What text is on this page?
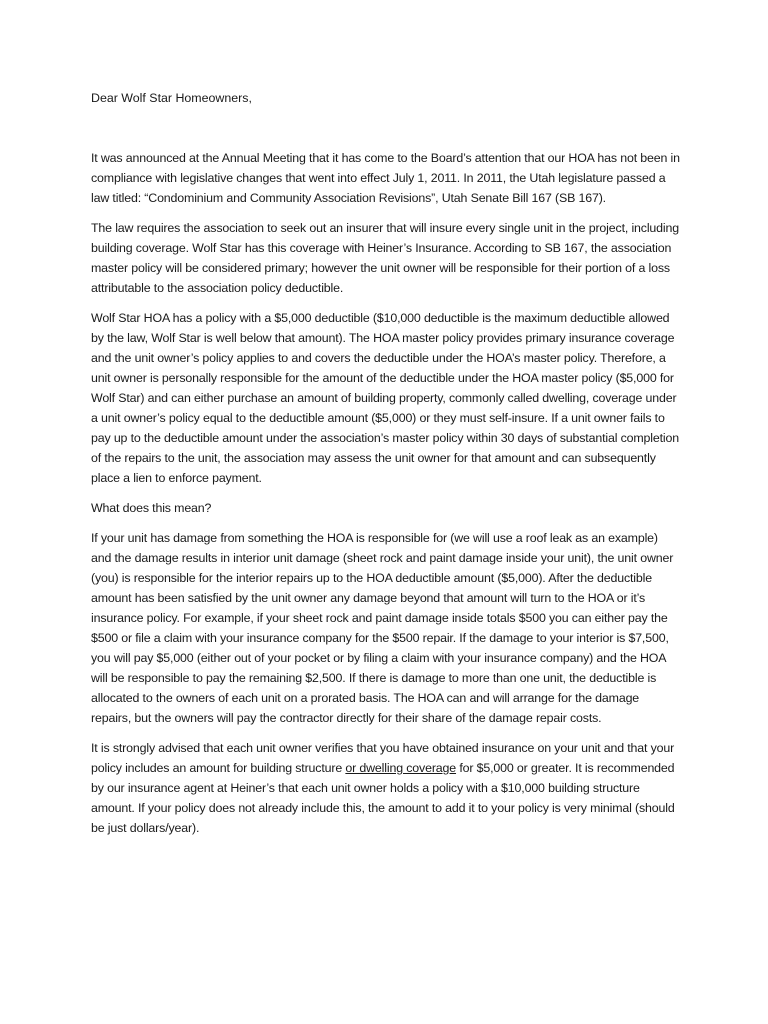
Dear Wolf Star Homeowners,

It was announced at the Annual Meeting that it has come to the Board’s attention that our HOA has not been in compliance with legislative changes that went into effect July 1, 2011. In 2011, the Utah legislature passed a law titled: “Condominium and Community Association Revisions”, Utah Senate Bill 167 (SB 167).

The law requires the association to seek out an insurer that will insure every single unit in the project, including building coverage. Wolf Star has this coverage with Heiner’s Insurance. According to SB 167, the association master policy will be considered primary; however the unit owner will be responsible for their portion of a loss attributable to the association policy deductible.

Wolf Star HOA has a policy with a $5,000 deductible ($10,000 deductible is the maximum deductible allowed by the law, Wolf Star is well below that amount). The HOA master policy provides primary insurance coverage and the unit owner’s policy applies to and covers the deductible under the HOA’s master policy. Therefore, a unit owner is personally responsible for the amount of the deductible under the HOA master policy ($5,000 for Wolf Star) and can either purchase an amount of building property, commonly called dwelling, coverage under a unit owner’s policy equal to the deductible amount ($5,000) or they must self-insure. If a unit owner fails to pay up to the deductible amount under the association’s master policy within 30 days of substantial completion of the repairs to the unit, the association may assess the unit owner for that amount and can subsequently place a lien to enforce payment.

What does this mean?

If your unit has damage from something the HOA is responsible for (we will use a roof leak as an example) and the damage results in interior unit damage (sheet rock and paint damage inside your unit), the unit owner (you) is responsible for the interior repairs up to the HOA deductible amount ($5,000). After the deductible amount has been satisfied by the unit owner any damage beyond that amount will turn to the HOA or it’s insurance policy. For example, if your sheet rock and paint damage inside totals $500 you can either pay the $500 or file a claim with your insurance company for the $500 repair. If the damage to your interior is $7,500, you will pay $5,000 (either out of your pocket or by filing a claim with your insurance company) and the HOA will be responsible to pay the remaining $2,500. If there is damage to more than one unit, the deductible is allocated to the owners of each unit on a prorated basis. The HOA can and will arrange for the damage repairs, but the owners will pay the contractor directly for their share of the damage repair costs.

It is strongly advised that each unit owner verifies that you have obtained insurance on your unit and that your policy includes an amount for building structure or dwelling coverage for $5,000 or greater. It is recommended by our insurance agent at Heiner’s that each unit owner holds a policy with a $10,000 building structure amount. If your policy does not already include this, the amount to add it to your policy is very minimal (should be just dollars/year).
